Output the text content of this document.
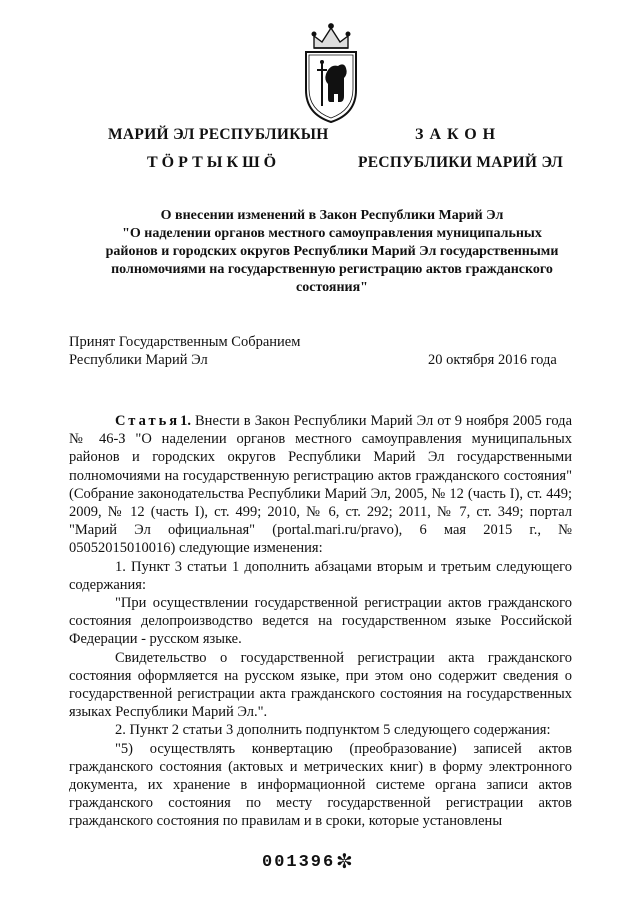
МАРИЙ ЭЛ РЕСПУБЛИКЫН
ТӦРТЫКШӦ
ЗАКОН
РЕСПУБЛИКИ МАРИЙ ЭЛ
О внесении изменений в Закон Республики Марий Эл
"О наделении органов местного самоуправления муниципальных
районов и городских округов Республики Марий Эл государственными
полномочиями на государственную регистрацию актов гражданского
состояния"
Принят Государственным Собранием
Республики Марий Эл	20 октября 2016 года

Статья1. Внести в Закон Республики Марий Эл от 9 ноября 2005 года № 46-З "О наделении органов местного самоуправления муниципальных районов и городских округов Республики Марий Эл государственными полномочиями на государственную регистрацию актов гражданского состояния" (Собрание законодательства Республики Марий Эл, 2005, № 12 (часть I), ст. 449; 2009, № 12 (часть I), ст. 499; 2010, № 6, ст. 292; 2011, № 7, ст. 349; портал "Марий Эл официальная" (portal.mari.ru/pravo), 6 мая 2015 г., № 05052015010016) следующие изменения:

1. Пункт 3 статьи 1 дополнить абзацами вторым и третьим следующего содержания:

"При осуществлении государственной регистрации актов гражданского состояния делопроизводство ведется на государственном языке Российской Федерации - русском языке.

Свидетельство о государственной регистрации акта гражданского состояния оформляется на русском языке, при этом оно содержит сведения о государственной регистрации акта гражданского состояния на государственных языках Республики Марий Эл.".

2. Пункт 2 статьи 3 дополнить подпунктом 5 следующего содержания:

"5) осуществлять конвертацию (преобразование) записей актов гражданского состояния (актовых и метрических книг) в форму электронного документа, их хранение в информационной системе органа записи актов гражданского состояния по месту государственной регистрации актов гражданского состояния по правилам и в сроки, которые установлены

001396 ✼
